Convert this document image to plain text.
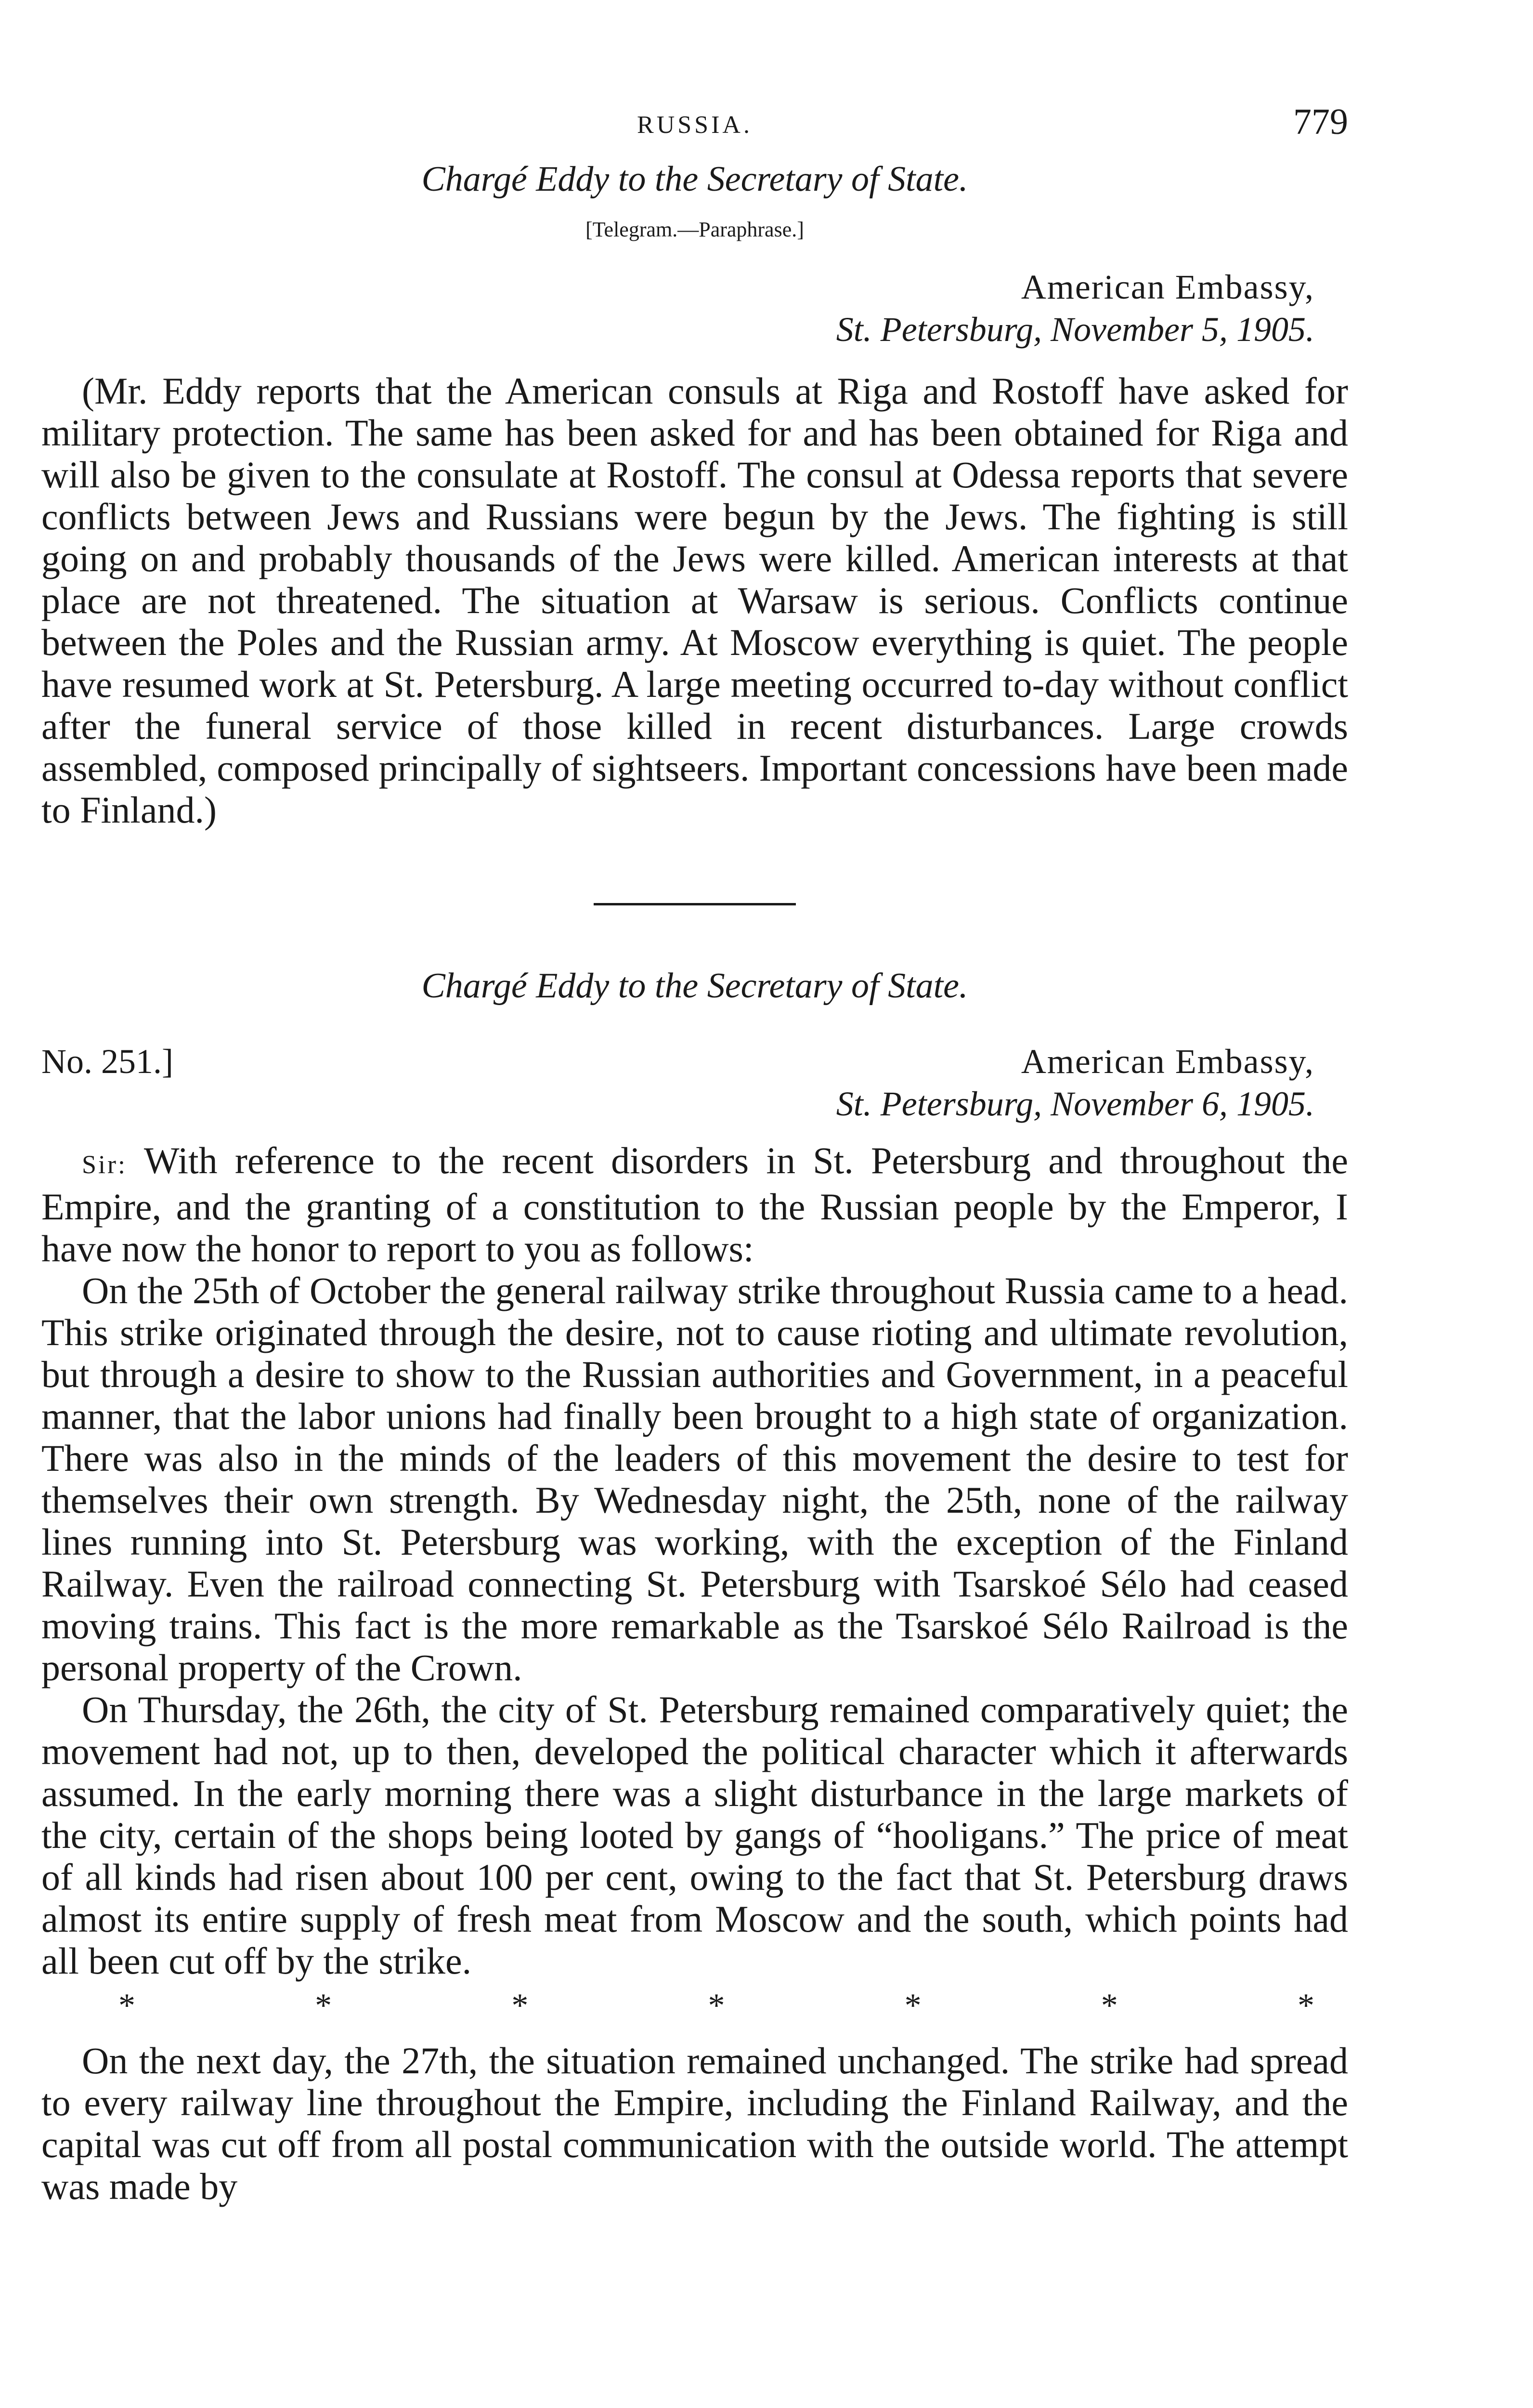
RUSSIA.	779

Chargé Eddy to the Secretary of State.

[Telegram.—Paraphrase.]

American Embassy,
St. Petersburg, November 5, 1905.

(Mr. Eddy reports that the American consuls at Riga and Rostoff have asked for military protection. The same has been asked for and has been obtained for Riga and will also be given to the consulate at Rostoff. The consul at Odessa reports that severe conflicts between Jews and Russians were begun by the Jews. The fighting is still going on and probably thousands of the Jews were killed. American interests at that place are not threatened. The situation at Warsaw is serious. Conflicts continue between the Poles and the Russian army. At Moscow everything is quiet. The people have resumed work at St. Petersburg. A large meeting occurred to-day without conflict after the funeral service of those killed in recent disturbances. Large crowds assembled, composed principally of sightseers. Important concessions have been made to Finland.)

Chargé Eddy to the Secretary of State.

No. 251.]	American Embassy,
St. Petersburg, November 6, 1905.

Sir: With reference to the recent disorders in St. Petersburg and throughout the Empire, and the granting of a constitution to the Russian people by the Emperor, I have now the honor to report to you as follows:

On the 25th of October the general railway strike throughout Russia came to a head. This strike originated through the desire, not to cause rioting and ultimate revolution, but through a desire to show to the Russian authorities and Government, in a peaceful manner, that the labor unions had finally been brought to a high state of organization. There was also in the minds of the leaders of this movement the desire to test for themselves their own strength. By Wednesday night, the 25th, none of the railway lines running into St. Petersburg was working, with the exception of the Finland Railway. Even the railroad connecting St. Petersburg with Tsarskoé Sélo had ceased moving trains. This fact is the more remarkable as the Tsarskoé Sélo Railroad is the personal property of the Crown.

On Thursday, the 26th, the city of St. Petersburg remained comparatively quiet; the movement had not, up to then, developed the political character which it afterwards assumed. In the early morning there was a slight disturbance in the large markets of the city, certain of the shops being looted by gangs of “hooligans.” The price of meat of all kinds had risen about 100 per cent, owing to the fact that St. Petersburg draws almost its entire supply of fresh meat from Moscow and the south, which points had all been cut off by the strike.

*	*	*	*	*	*	*

On the next day, the 27th, the situation remained unchanged. The strike had spread to every railway line throughout the Empire, including the Finland Railway, and the capital was cut off from all postal communication with the outside world. The attempt was made by
